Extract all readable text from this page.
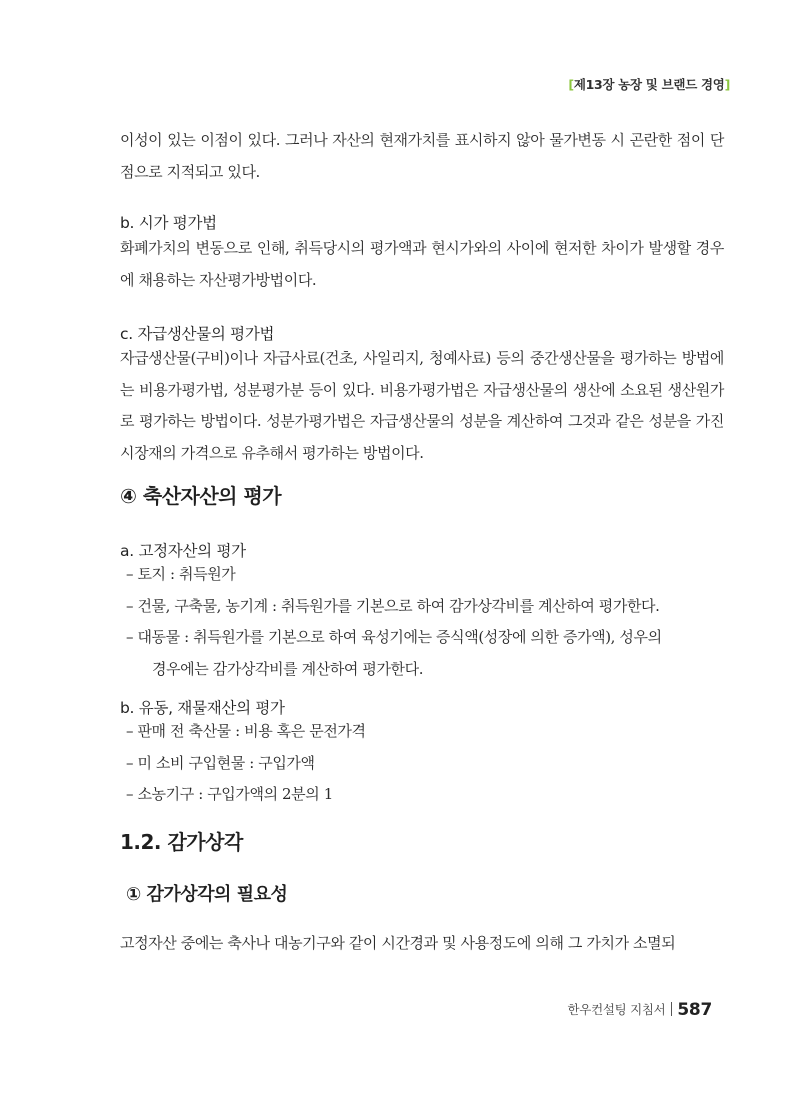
[제13장 농장 및 브랜드 경영]
이성이 있는 이점이 있다. 그러나 자산의 현재가치를 표시하지 않아 물가변동 시 곤란한 점이 단점으로 지적되고 있다.
b. 시가 평가법
화폐가치의 변동으로 인해, 취득당시의 평가액과 현시가와의 사이에 현저한 차이가 발생할 경우에 채용하는 자산평가방법이다.
c. 자급생산물의 평가법
자급생산물(구비)이나 자급사료(건초, 사일리지, 청예사료) 등의 중간생산물을 평가하는 방법에는 비용가평가법, 성분평가분 등이 있다. 비용가평가법은 자급생산물의 생산에 소요된 생산원가로 평가하는 방법이다. 성분가평가법은 자급생산물의 성분을 계산하여 그것과 같은 성분을 가진 시장재의 가격으로 유추해서 평가하는 방법이다.
④ 축산자산의 평가
a. 고정자산의 평가
– 토지 : 취득원가
– 건물, 구축물, 농기계 : 취득원가를 기본으로 하여 감가상각비를 계산하여 평가한다.
– 대동물 : 취득원가를 기본으로 하여 육성기에는 증식액(성장에 의한 증가액), 성우의
경우에는 감가상각비를 계산하여 평가한다.
b. 유동, 재물재산의 평가
– 판매 전 축산물 : 비용 혹은 문전가격
– 미 소비 구입현물 : 구입가액
– 소농기구 : 구입가액의 2분의 1
1.2. 감가상각
① 감가상각의 필요성
고정자산 중에는 축사나 대농기구와 같이 시간경과 및 사용정도에 의해 그 가치가 소멸되
한우컨설팅 지침서 587
